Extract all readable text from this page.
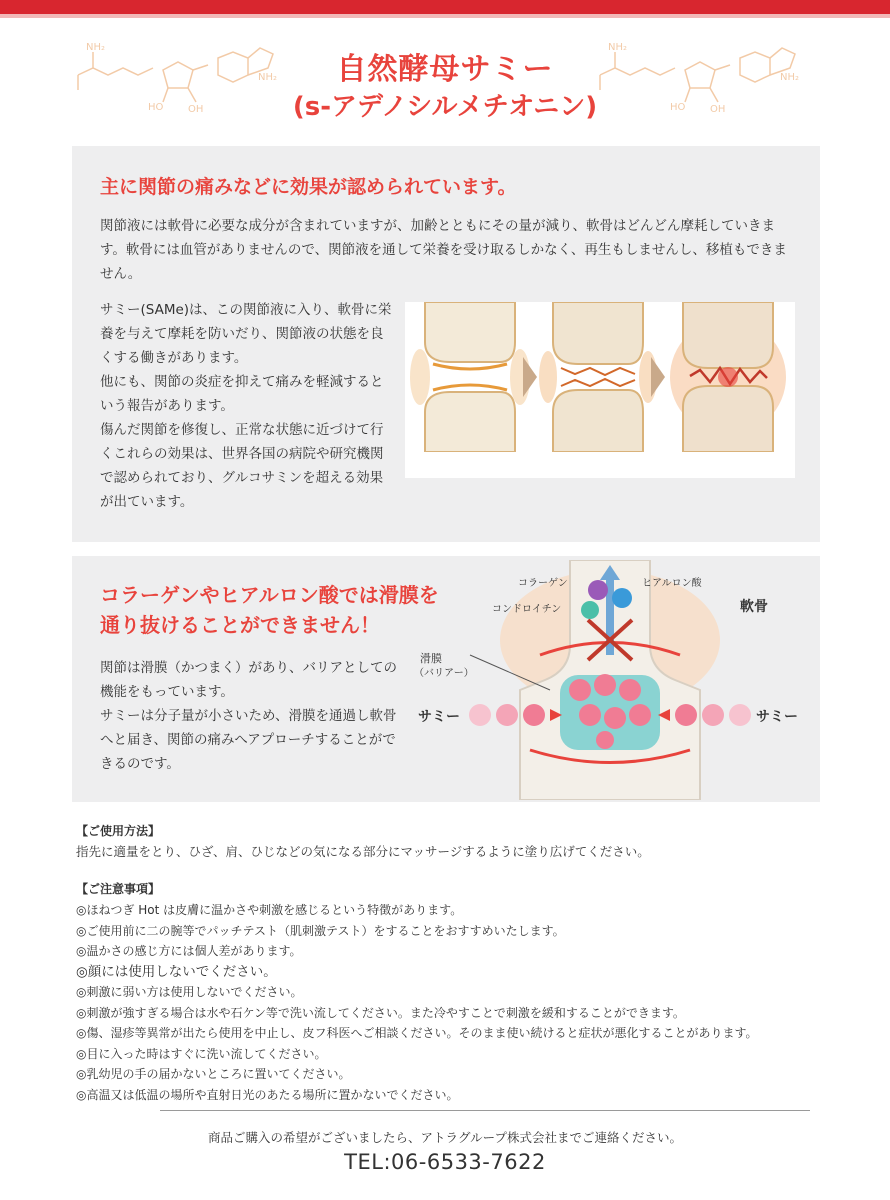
NH₂
HO OH
NH₂
NH₂
HO OH
NH₂
自然酵母サミー
(s-アデノシルメチオニン)
主に関節の痛みなどに効果が認められています。
関節液には軟骨に必要な成分が含まれていますが、加齢とともにその量が減り、軟骨はどんどん摩耗していきます。軟骨には血管がありませんので、関節液を通して栄養を受け取るしかなく、再生もしませんし、移植もできません。

サミー(SAMe)は、この関節液に入り、軟骨に栄養を与えて摩耗を防いだり、関節液の状態を良くする働きがあります。

他にも、関節の炎症を抑えて痛みを軽減するという報告があります。

傷んだ関節を修復し、正常な状態に近づけて行くこれらの効果は、世界各国の病院や研究機関で認められており、グルコサミンを超える効果が出ています。

コラーゲンやヒアルロン酸では滑膜を
通り抜けることができません！

関節は滑膜（かつまく）があり、バリアとしての機能をもっています。

サミーは分子量が小さいため、滑膜を通過し軟骨へと届き、関節の痛みへアプローチすることができるのです。

コラーゲン	ヒアルロン酸
コンドロイチン	軟骨
滑膜
（バリアー）
サミー	サミー
【ご使用方法】
指先に適量をとり、ひざ、肩、ひじなどの気になる部分にマッサージするように塗り広げてください。
【ご注意事項】
◎ほねつぎ Hot は皮膚に温かさや刺激を感じるという特徴があります。
◎ご使用前に二の腕等でパッチテスト（肌刺激テスト）をすることをおすすめいたします。
◎温かさの感じ方には個人差があります。
◎顔には使用しないでください。
◎刺激に弱い方は使用しないでください。
◎刺激が強すぎる場合は水や石ケン等で洗い流してください。また冷やすことで刺激を緩和することができます。
◎傷、湿疹等異常が出たら使用を中止し、皮フ科医へご相談ください。そのまま使い続けると症状が悪化することがあります。
◎目に入った時はすぐに洗い流してください。
◎乳幼児の手の届かないところに置いてください。
◎高温又は低温の場所や直射日光のあたる場所に置かないでください。
商品ご購入の希望がございましたら、アトラグループ株式会社までご連絡ください。
TEL:06-6533-7622
